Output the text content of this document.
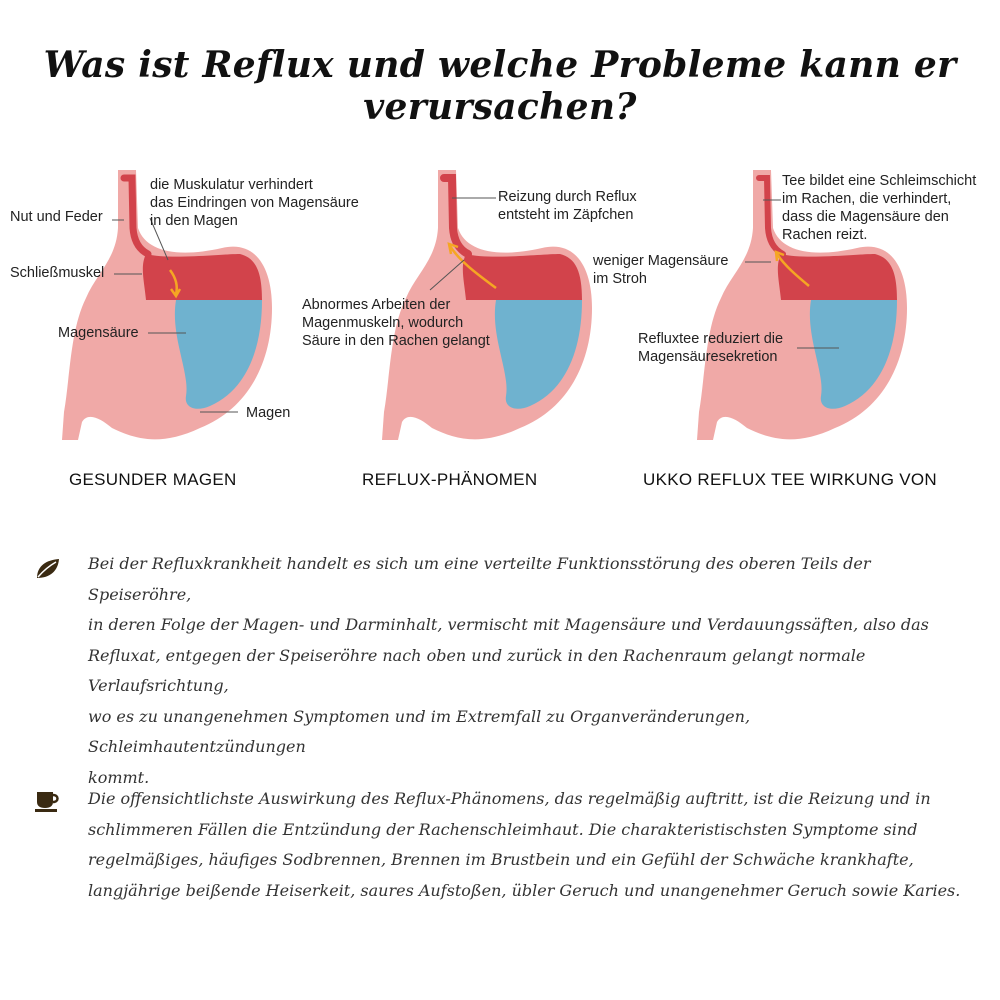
Was ist Reflux und welche Probleme kann er verursachen?
Nut und Feder
Schließmuskel
Magensäure
Magen
die Muskulatur verhindert
das Eindringen von Magensäure
in den Magen
GESUNDER MAGEN
Reizung durch Reflux
entsteht im Zäpfchen
Abnormes Arbeiten der
Magenmuskeln, wodurch
Säure in den Rachen gelangt
REFLUX-PHÄNOMEN
Tee bildet eine Schleimschicht
im Rachen, die verhindert,
dass die Magensäure den
Rachen reizt.
weniger Magensäure
im Stroh
Refluxtee reduziert die
Magensäuresekretion
UKKO REFLUX TEE WIRKUNG VON
Bei der Refluxkrankheit handelt es sich um eine verteilte Funktionsstörung des oberen Teils der Speiseröhre,
in deren Folge der Magen- und Darminhalt, vermischt mit Magensäure und Verdauungssäften, also das
Refluxat, entgegen der Speiseröhre nach oben und zurück in den Rachenraum gelangt normale Verlaufsrichtung,
wo es zu unangenehmen Symptomen und im Extremfall zu Organveränderungen, Schleimhautentzündungen
kommt.
Die offensichtlichste Auswirkung des Reflux-Phänomens, das regelmäßig auftritt, ist die Reizung und in
schlimmeren Fällen die Entzündung der Rachenschleimhaut. Die charakteristischsten Symptome sind
regelmäßiges, häufiges Sodbrennen, Brennen im Brustbein und ein Gefühl der Schwäche krankhafte,
langjährige beißende Heiserkeit, saures Aufstoßen, übler Geruch und unangenehmer Geruch sowie Karies.
